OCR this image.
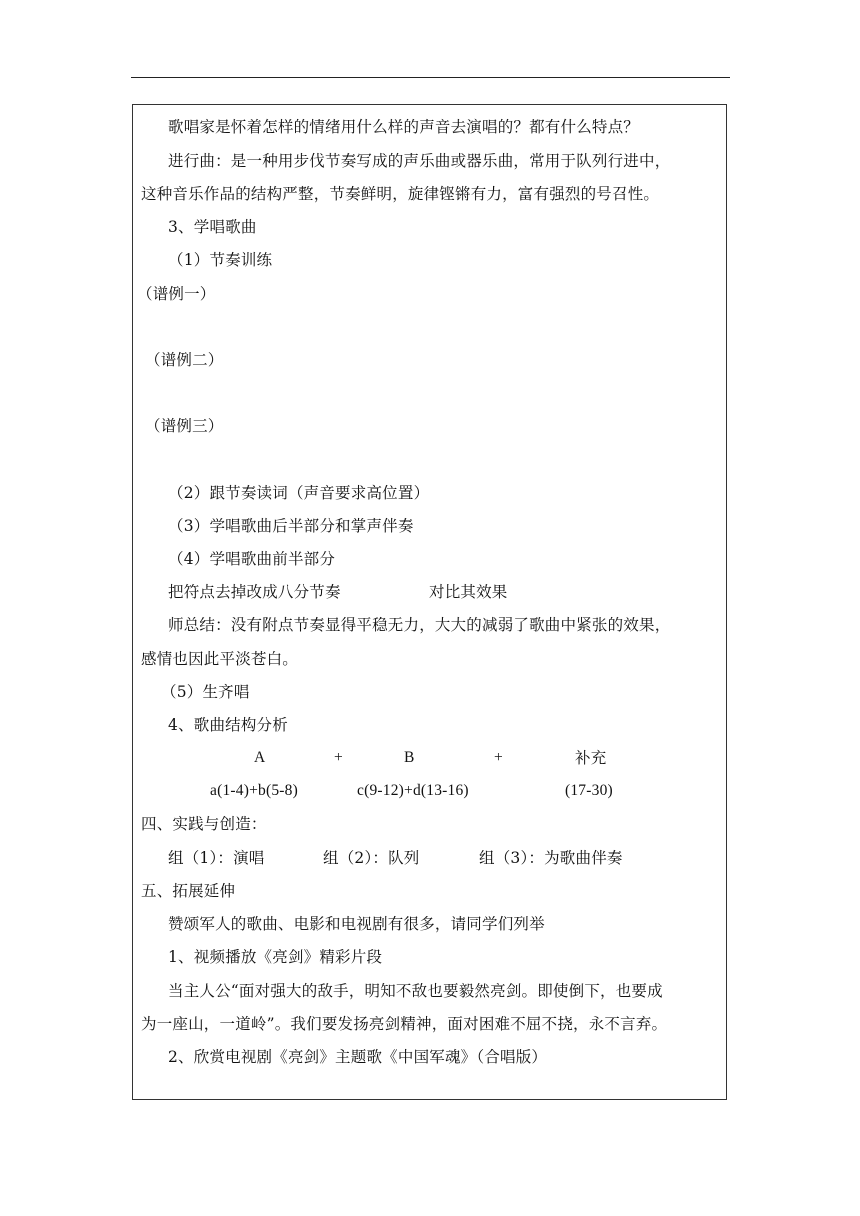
歌唱家是怀着怎样的情绪用什么样的声音去演唱的？都有什么特点？
进行曲：是一种用步伐节奏写成的声乐曲或器乐曲，常用于队列行进中，
这种音乐作品的结构严整，节奏鲜明，旋律铿锵有力，富有强烈的号召性。
3、学唱歌曲
（1）节奏训练
（谱例一）
（谱例二）
（谱例三）
（2）跟节奏读词（声音要求高位置）
（3）学唱歌曲后半部分和掌声伴奏
（4）学唱歌曲前半部分
把符点去掉改成八分节奏	对比其效果
师总结：没有附点节奏显得平稳无力，大大的减弱了歌曲中紧张的效果，
感情也因此平淡苍白。
（5）生齐唱
4、歌曲结构分析
A	+	B	+	补充
a(1-4)+b(5-8)	c(9-12)+d(13-16)	(17-30)
四、实践与创造：
组（1）：演唱	组（2）：队列	组（3）：为歌曲伴奏
五、拓展延伸
赞颂军人的歌曲、电影和电视剧有很多，请同学们列举
1、视频播放《亮剑》精彩片段
当主人公“面对强大的敌手，明知不敌也要毅然亮剑。即使倒下，也要成
为一座山，一道岭”。我们要发扬亮剑精神，面对困难不屈不挠，永不言弃。
2、欣赏电视剧《亮剑》主题歌《中国军魂》（合唱版）
